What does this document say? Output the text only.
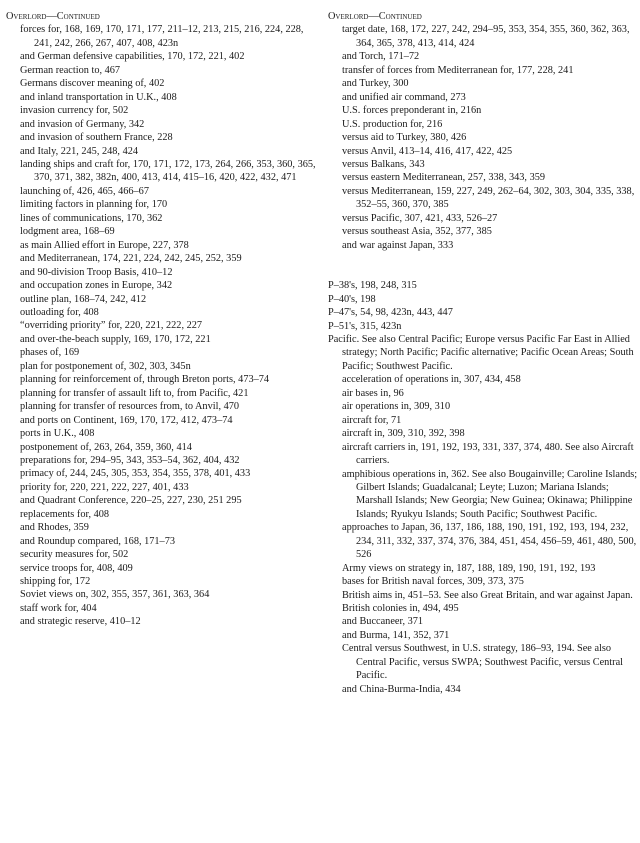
Overlord—Continued
forces for, 168, 169, 170, 171, 177, 211–12, 213, 215, 216, 224, 228, 241, 242, 266, 267, 407, 408, 423n
and German defensive capabilities, 170, 172, 221, 402
German reaction to, 467
Germans discover meaning of, 402
and inland transportation in U.K., 408
invasion currency for, 502
and invasion of Germany, 342
and invasion of southern France, 228
and Italy, 221, 245, 248, 424
landing ships and craft for, 170, 171, 172, 173, 264, 266, 353, 360, 365, 370, 371, 382, 382n, 400, 413, 414, 415–16, 420, 422, 432, 471
launching of, 426, 465, 466–67
limiting factors in planning for, 170
lines of communications, 170, 362
lodgment area, 168–69
as main Allied effort in Europe, 227, 378
and Mediterranean, 174, 221, 224, 242, 245, 252, 359
and 90-division Troop Basis, 410–12
and occupation zones in Europe, 342
outline plan, 168–74, 242, 412
outloading for, 408
“overriding priority” for, 220, 221, 222, 227
and over-the-beach supply, 169, 170, 172, 221
phases of, 169
plan for postponement of, 302, 303, 345n
planning for reinforcement of, through Breton ports, 473–74
planning for transfer of assault lift to, from Pacific, 421
planning for transfer of resources from, to Anvil, 470
and ports on Continent, 169, 170, 172, 412, 473–74
ports in U.K., 408
postponement of, 263, 264, 359, 360, 414
preparations for, 294–95, 343, 353–54, 362, 404, 432
primacy of, 244, 245, 305, 353, 354, 355, 378, 401, 433
priority for, 220, 221, 222, 227, 401, 433
and Quadrant Conference, 220–25, 227, 230, 251 295
replacements for, 408
and Rhodes, 359
and Roundup compared, 168, 171–73
security measures for, 502
service troops for, 408, 409
shipping for, 172
Soviet views on, 302, 355, 357, 361, 363, 364
staff work for, 404
and strategic reserve, 410–12
Overlord—Continued
target date, 168, 172, 227, 242, 294–95, 353, 354, 355, 360, 362, 363, 364, 365, 378, 413, 414, 424
and Torch, 171–72
transfer of forces from Mediterranean for, 177, 228, 241
and Turkey, 300
and unified air command, 273
U.S. forces preponderant in, 216n
U.S. production for, 216
versus aid to Turkey, 380, 426
versus Anvil, 413–14, 416, 417, 422, 425
versus Balkans, 343
versus eastern Mediterranean, 257, 338, 343, 359
versus Mediterranean, 159, 227, 249, 262–64, 302, 303, 304, 335, 338, 352–55, 360, 370, 385
versus Pacific, 307, 421, 433, 526–27
versus southeast Asia, 352, 377, 385
and war against Japan, 333
P–38's, 198, 248, 315
P–40's, 198
P–47's, 54, 98, 423n, 443, 447
P–51's, 315, 423n
Pacific. See also Central Pacific; Europe versus Pacific Far East in Allied strategy; North Pacific; Pacific alternative; Pacific Ocean Areas; South Pacific; Southwest Pacific.
acceleration of operations in, 307, 434, 458
air bases in, 96
air operations in, 309, 310
aircraft for, 71
aircraft in, 309, 310, 392, 398
aircraft carriers in, 191, 192, 193, 331, 337, 374, 480. See also Aircraft carriers.
amphibious operations in, 362. See also Bougainville; Caroline Islands; Gilbert Islands; Guadalcanal; Leyte; Luzon; Mariana Islands; Marshall Islands; New Georgia; New Guinea; Okinawa; Philippine Islands; Ryukyu Islands; South Pacific; Southwest Pacific.
approaches to Japan, 36, 137, 186, 188, 190, 191, 192, 193, 194, 232, 234, 311, 332, 337, 374, 376, 384, 451, 454, 456–59, 461, 480, 500, 526
Army views on strategy in, 187, 188, 189, 190, 191, 192, 193
bases for British naval forces, 309, 373, 375
British aims in, 451–53. See also Great Britain, and war against Japan.
British colonies in, 494, 495
and Buccaneer, 371
and Burma, 141, 352, 371
Central versus Southwest, in U.S. strategy, 186–93, 194. See also Central Pacific, versus SWPA; Southwest Pacific, versus Central Pacific.
and China-Burma-India, 434
